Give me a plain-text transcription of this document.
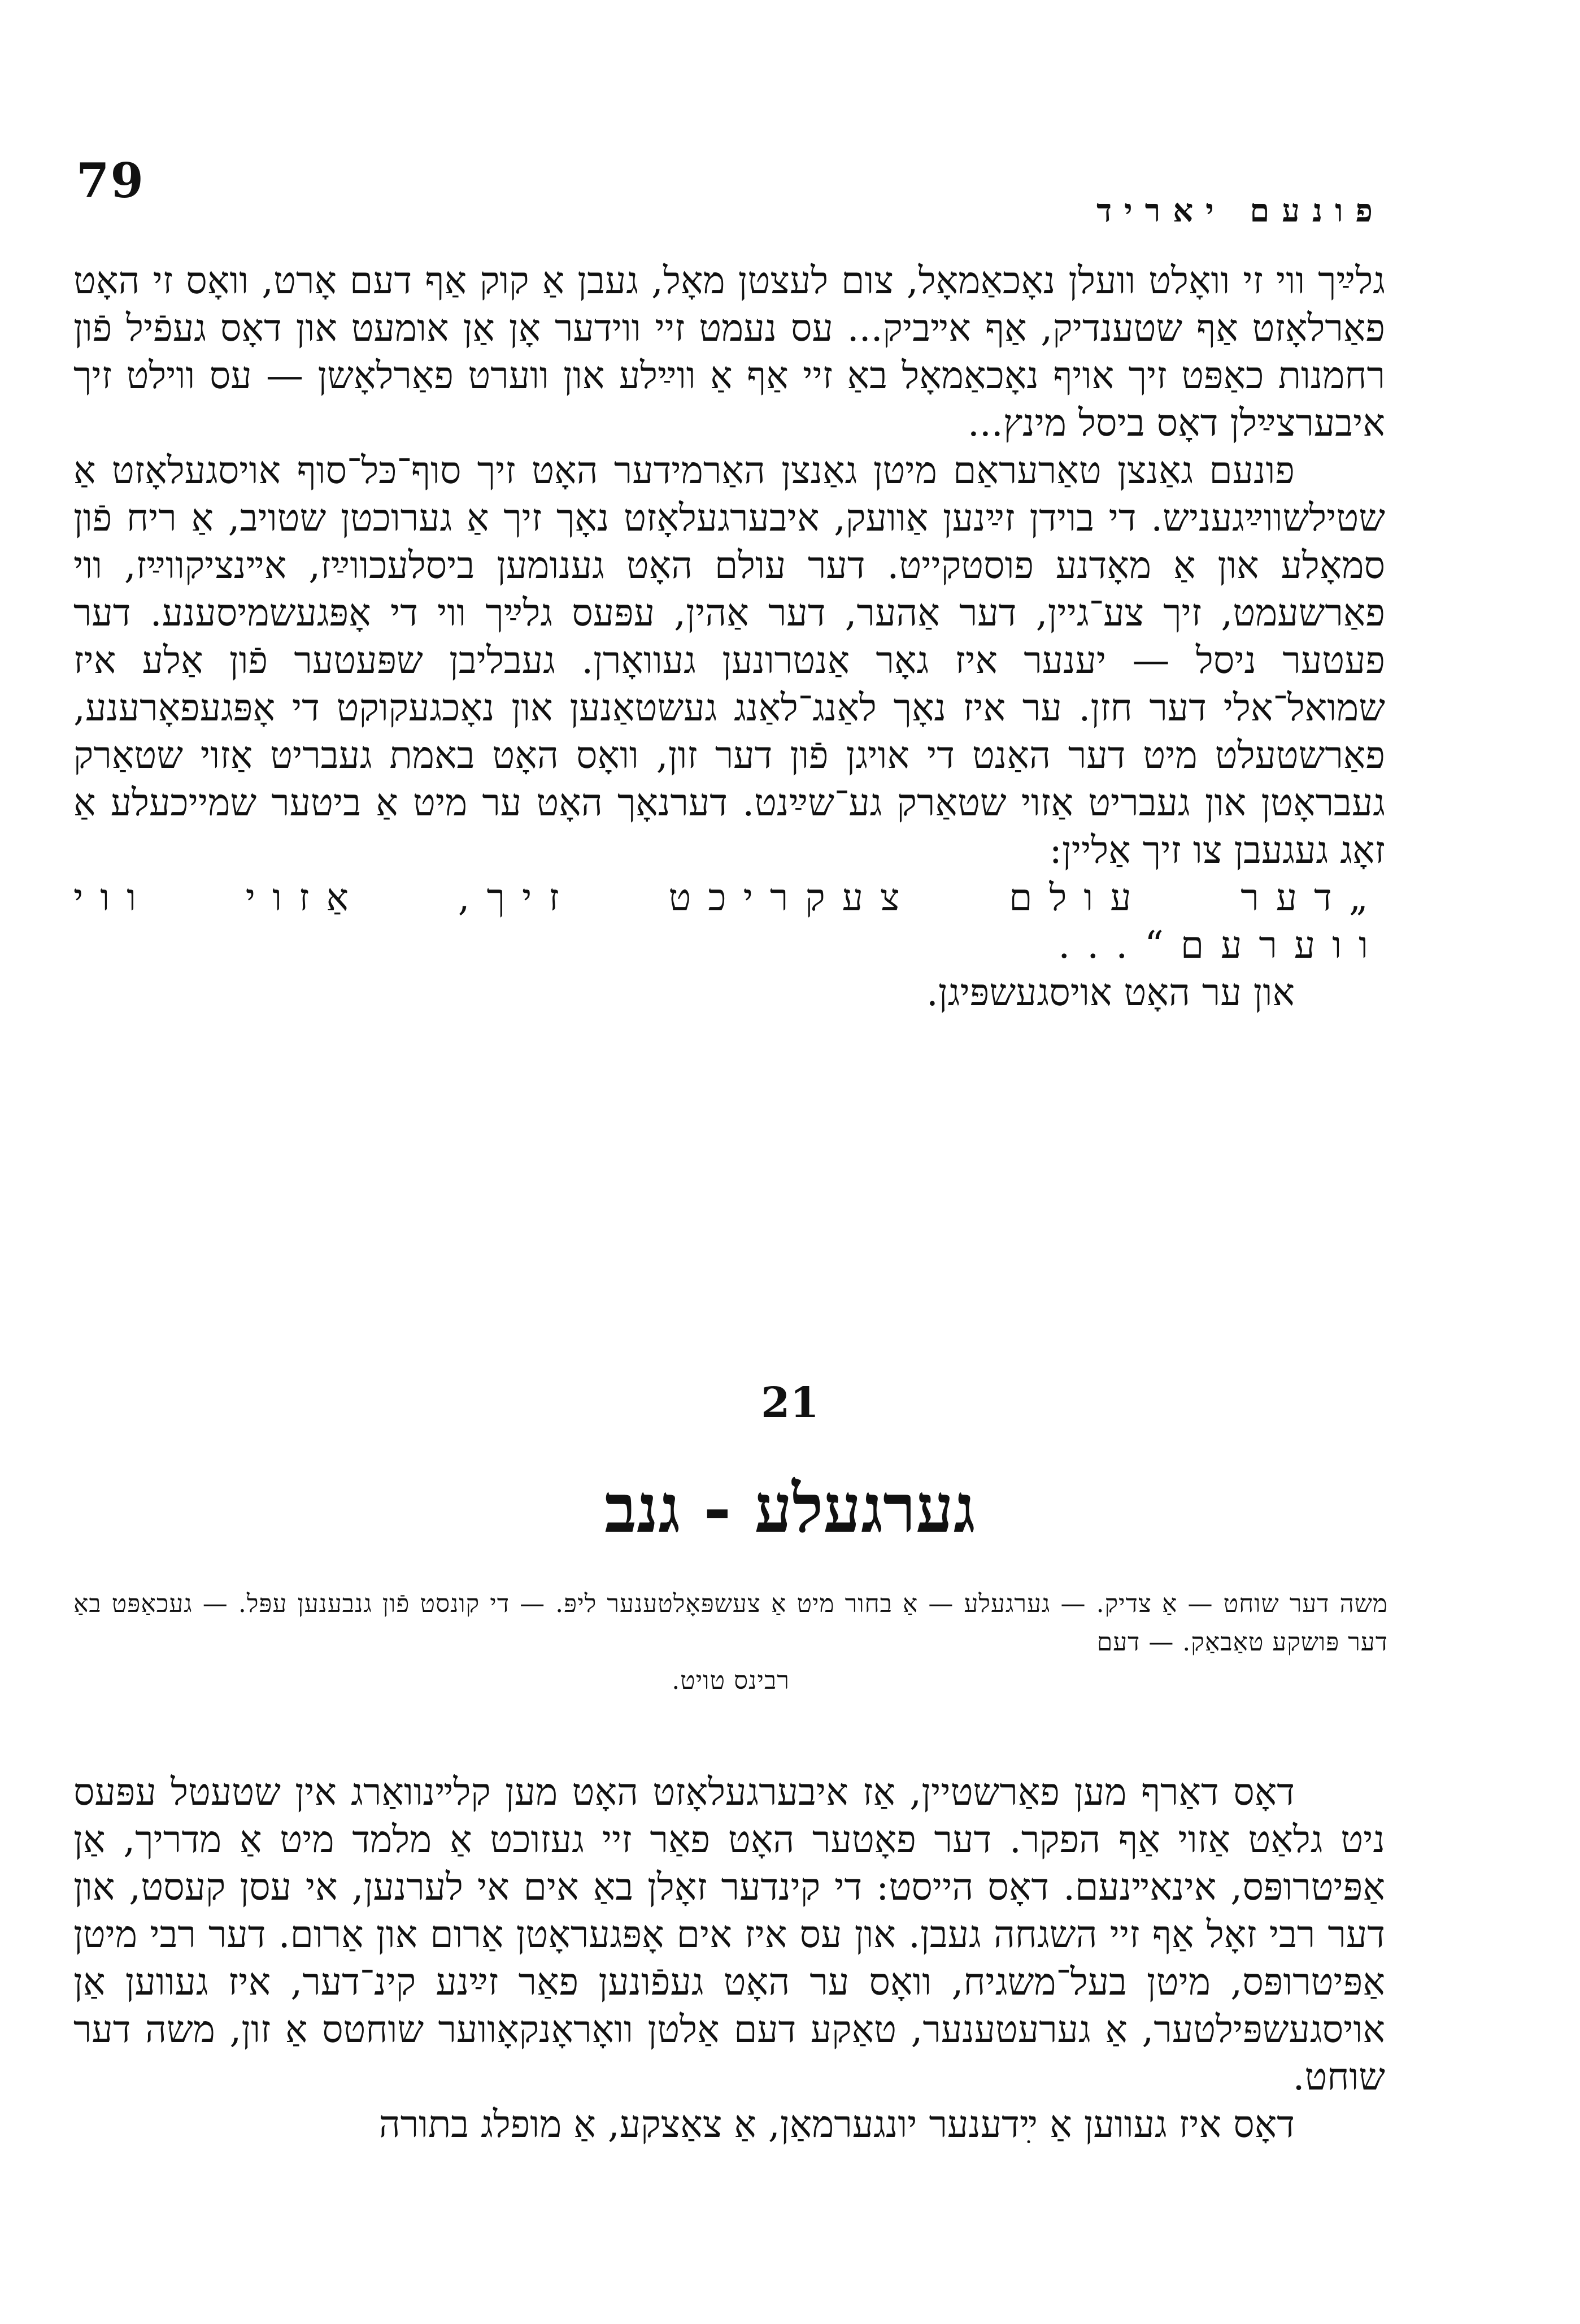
79
פונעם יאריד

גלײַך ווי זי וואָלט וועלן נאָכאַמאָל, צום לעצטן מאָל, געבן אַ קוק אַף דעם אָרט, וואָס זי האָט פאַרלאָזט אַף שטענדיק, אַף אײביק... עס נעמט זיי ווידער אָן אַן אומעט און דאָס געפֿיל פֿון רחמנות כאַפּט זיך אויף נאָכאַמאָל באַ זיי אַף אַ ווײַלע און ווערט פאַרלאָשן — עס ווילט זיך איבערצײַלן דאָס ביסל מינץ...

פונעם גאַנצן טאַרעראַם מיטן גאַנצן האַרמידער האָט זיך סוף־כּל־סוף אויסגעלאָזט אַ שטילשווײַגעניש. די בוידן זײַנען אַוועק, איבערגעלאָזט נאָך זיך אַ גערוכטן שטויב, אַ ריח פֿון סמאָלע און אַ מאָדנע פוסטקייט. דער עולם האָט גענומען ביסלעכווײַז, אײנציקווײַז, ווי פאַרשעמט, זיך צע־גיין, דער אַהער, דער אַהין, עפּעס גלײַך ווי די אָפּגעשמיסענע. דער פעטער ניסל — יענער איז גאָר אַנטרונען געוואָרן. געבליבן שפּעטער פֿון אַלע איז שמואל־אלי דער חזן. ער איז נאָך לאַנג־לאַנג געשטאַנען און נאָכגעקוקט די אָפּגעפאָרענע, פאַרשטעלט מיט דער האַנט די אויגן פֿון דער זון, וואָס האָט באמת געבריט אַזוי שטאַרק געבראָטן און געבריט אַזוי שטאַרק גע־שײַנט. דערנאָך האָט ער מיט אַ ביטער שמייכעלע אַ זאָג געגעבן צו זיך אַליין:

„דער עולם צעקריכט זיך, אַזוי ווי ווערעם“...

און ער האָט אויסגעשפּיגן.

21
גערגעלע - גנב
משה דער שוחט — אַ צדיק. — גערגעלע — אַ בחור מיט אַ צעשפּאָלטענער ליפּ. — די קונסט פֿון גנבענען עפּל. — געכאַפּט באַ דער פּושקע טאַבאַק. — דעם
רבינס טויט.

דאָס דאַרף מען פאַרשטיין, אַז איבערגעלאָזט האָט מען קלײנוואַרג אין שטעטל עפּעס ניט גלאַט אַזוי אַף הפקר. דער פאָטער האָט פאַר זיי געזוכט אַ מלמד מיט אַ מדריך, אַן אַפּיטרופּס, אינאײנעם. דאָס הייסט: די קינדער זאָלן באַ אים אי לערנען, אי עסן קעסט, און דער רבי זאָל אַף זיי השגחה געבן. און עס איז אים אָפּגעראָטן אַרום און אַרום. דער רבי מיטן אַפּיטרופּס, מיטן בעל־משגיח, וואָס ער האָט געפֿונען פאַר זײַנע קינ־דער, איז געווען אַן אויסגעשפּילטער, אַ גערעטענער, טאַקע דעם אַלטן וואָראָנקאָווער שוחטס אַ זון, משה דער שוחט.

דאָס איז געווען אַ ײִדענער יונגערמאַן, אַ צאַצקע, אַ מופלג בתורה
